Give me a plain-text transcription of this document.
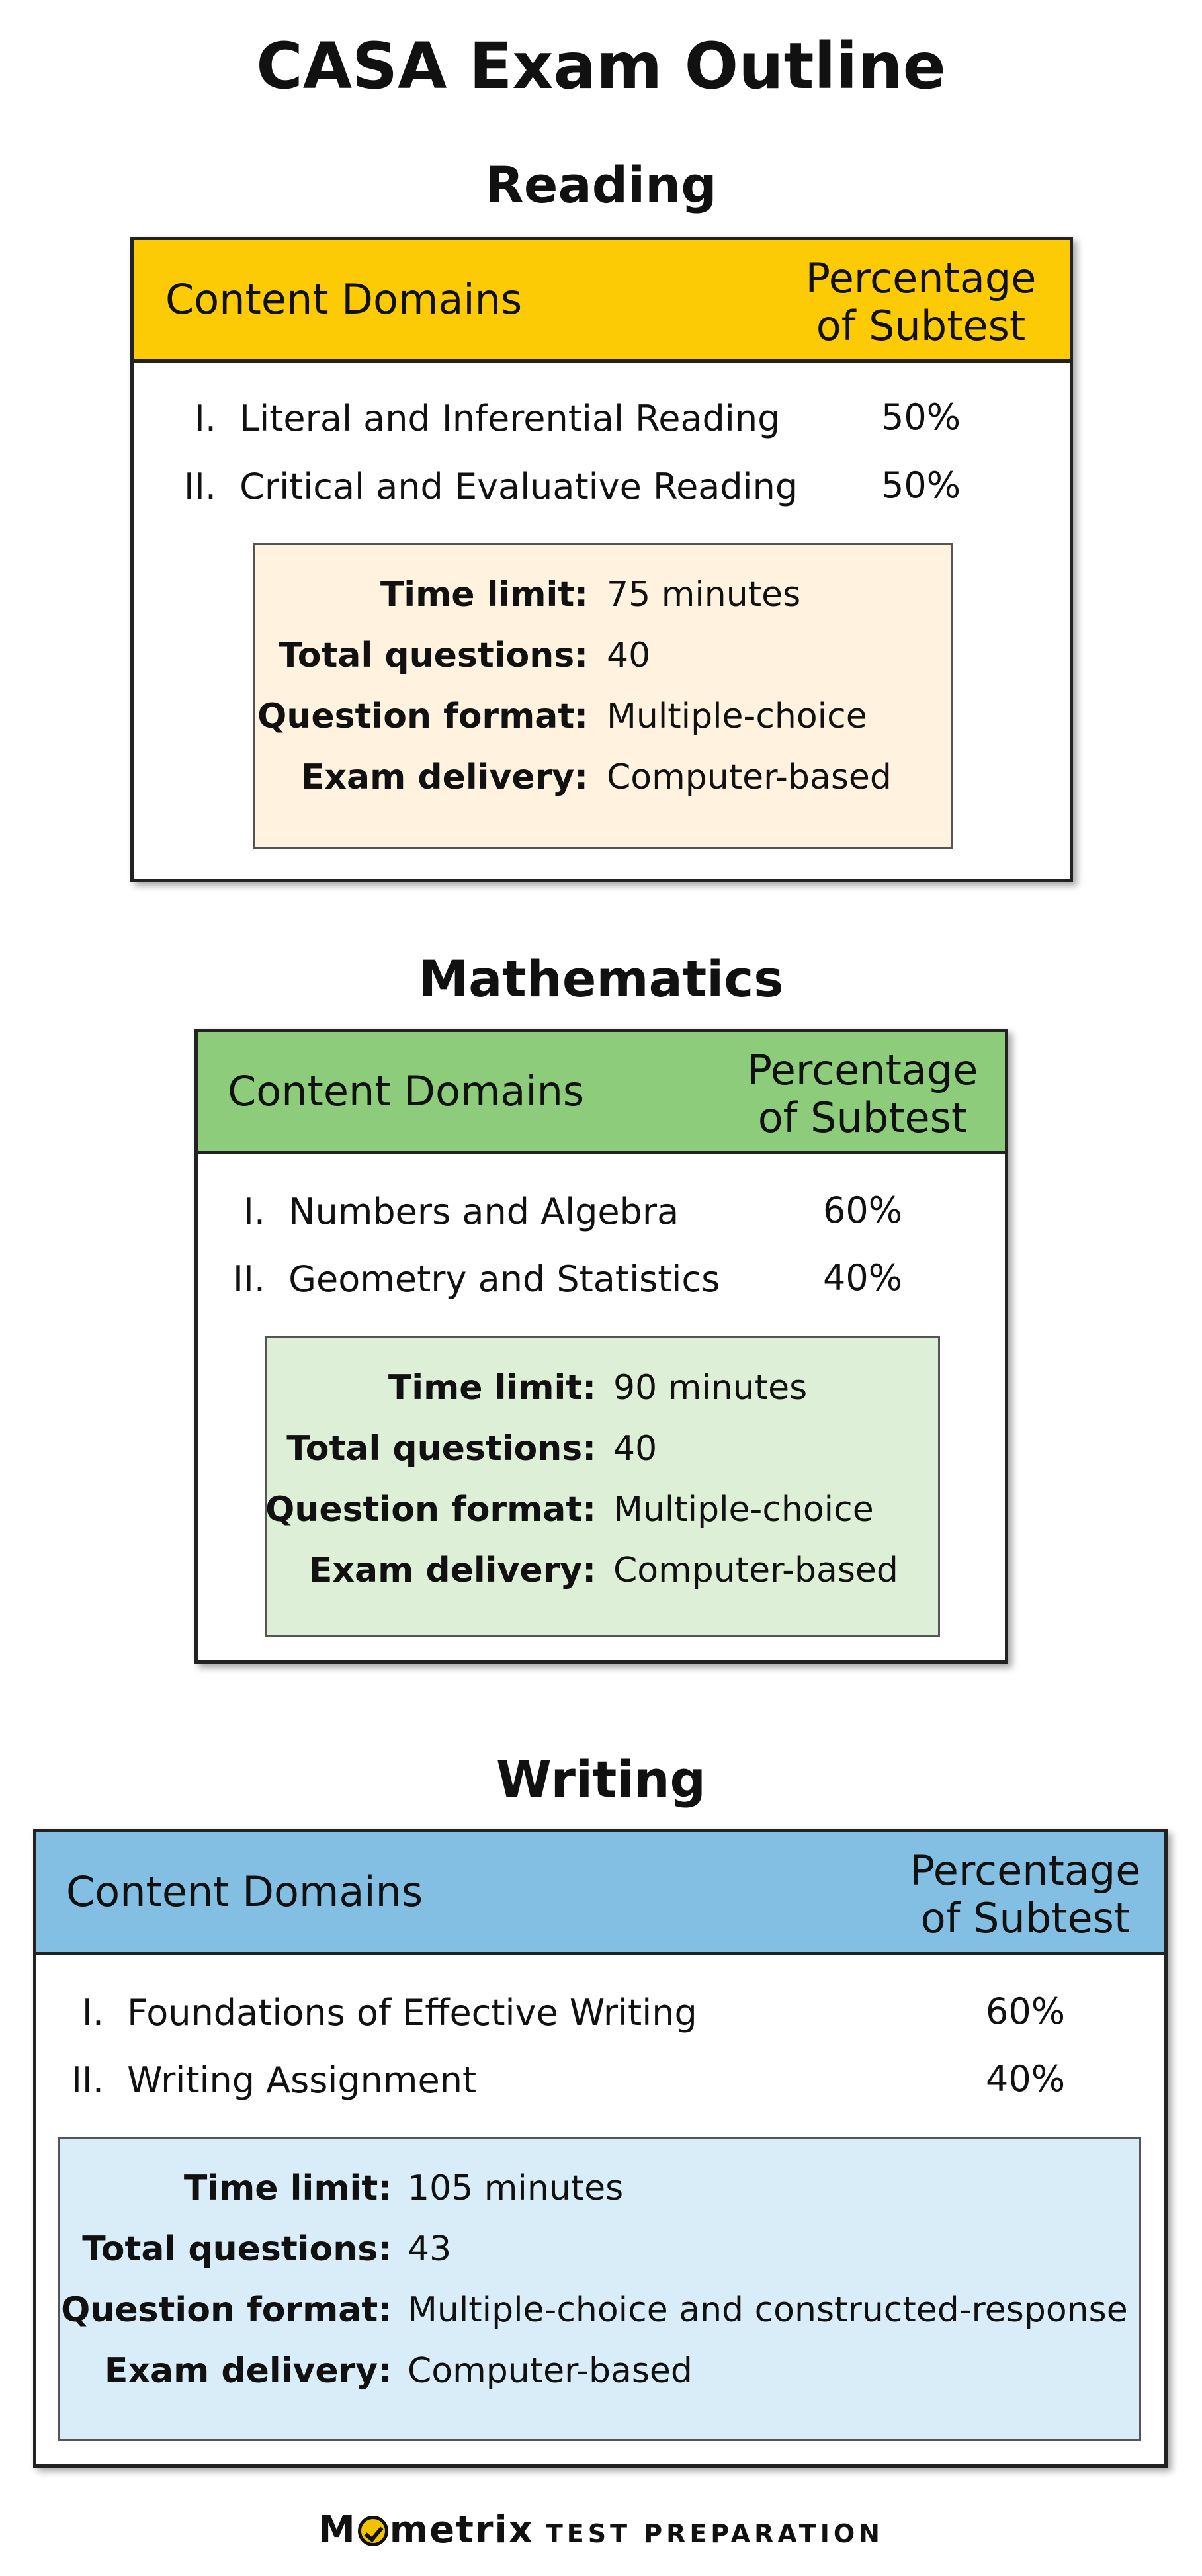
CASA Exam Outline
Reading
Content Domains	Percentage
of Subtest
I. Literal and Inferential Reading	50%
II. Critical and Evaluative Reading	50%
Time limit: 75 minutes
Total questions: 40
Question format: Multiple-choice
Exam delivery: Computer-based
Mathematics
Content Domains	Percentage
of Subtest
I. Numbers and Algebra	60%
II. Geometry and Statistics	40%
Time limit: 90 minutes
Total questions: 40
Question format: Multiple-choice
Exam delivery: Computer-based
Writing
Content Domains	Percentage
of Subtest
I. Foundations of Effective Writing	60%
II. Writing Assignment	40%
Time limit: 105 minutes
Total questions: 43
Question format: Multiple-choice and constructed-response
Exam delivery: Computer-based
M metrix TEST PREPARATION
